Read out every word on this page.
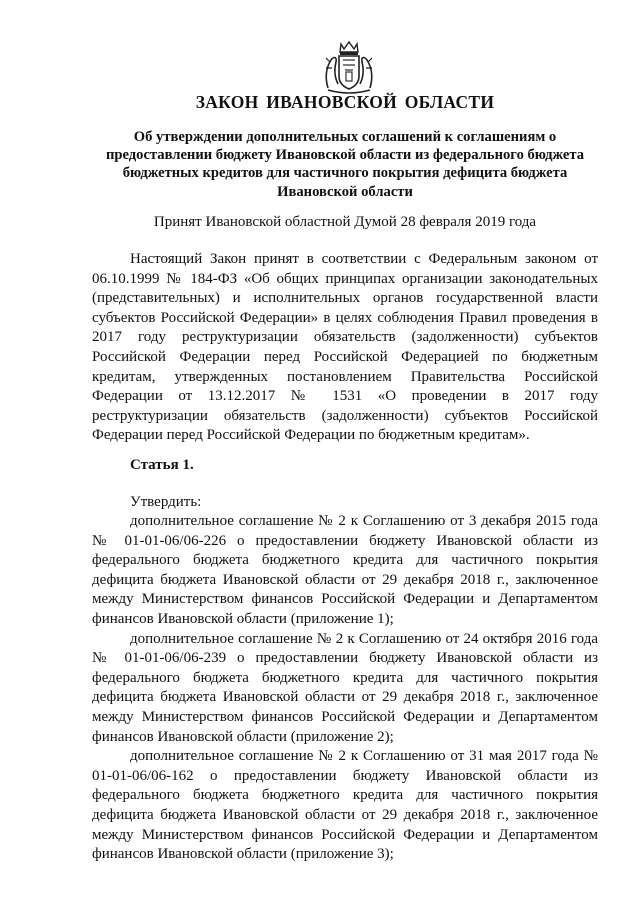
ЗАКОН ИВАНОВСКОЙ ОБЛАСТИ
Об утверждении дополнительных соглашений к соглашениям о предоставлении бюджету Ивановской области из федерального бюджета бюджетных кредитов для частичного покрытия дефицита бюджета Ивановской области
Принят Ивановской областной Думой 28 февраля 2019 года

Настоящий Закон принят в соответствии с Федеральным законом от 06.10.1999 № 184-ФЗ «Об общих принципах организации законодательных (представительных) и исполнительных органов государственной власти субъектов Российской Федерации» в целях соблюдения Правил проведения в 2017 году реструктуризации обязательств (задолженности) субъектов Российской Федерации перед Российской Федерацией по бюджетным кредитам, утвержденных постановлением Правительства Российской Федерации от 13.12.2017 № 1531 «О проведении в 2017 году реструктуризации обязательств (задолженности) субъектов Российской Федерации перед Российской Федерации по бюджетным кредитам».

Статья 1.
Утвердить:

дополнительное соглашение № 2 к Соглашению от 3 декабря 2015 года № 01-01-06/06-226 о предоставлении бюджету Ивановской области из федерального бюджета бюджетного кредита для частичного покрытия дефицита бюджета Ивановской области от 29 декабря 2018 г., заключенное между Министерством финансов Российской Федерации и Департаментом финансов Ивановской области (приложение 1);

дополнительное соглашение № 2 к Соглашению от 24 октября 2016 года № 01-01-06/06-239 о предоставлении бюджету Ивановской области из федерального бюджета бюджетного кредита для частичного покрытия дефицита бюджета Ивановской области от 29 декабря 2018 г., заключенное между Министерством финансов Российской Федерации и Департаментом финансов Ивановской области (приложение 2);

дополнительное соглашение № 2 к Соглашению от 31 мая 2017 года № 01-01-06/06-162 о предоставлении бюджету Ивановской области из федерального бюджета бюджетного кредита для частичного покрытия дефицита бюджета Ивановской области от 29 декабря 2018 г., заключенное между Министерством финансов Российской Федерации и Департаментом финансов Ивановской области (приложение 3);
